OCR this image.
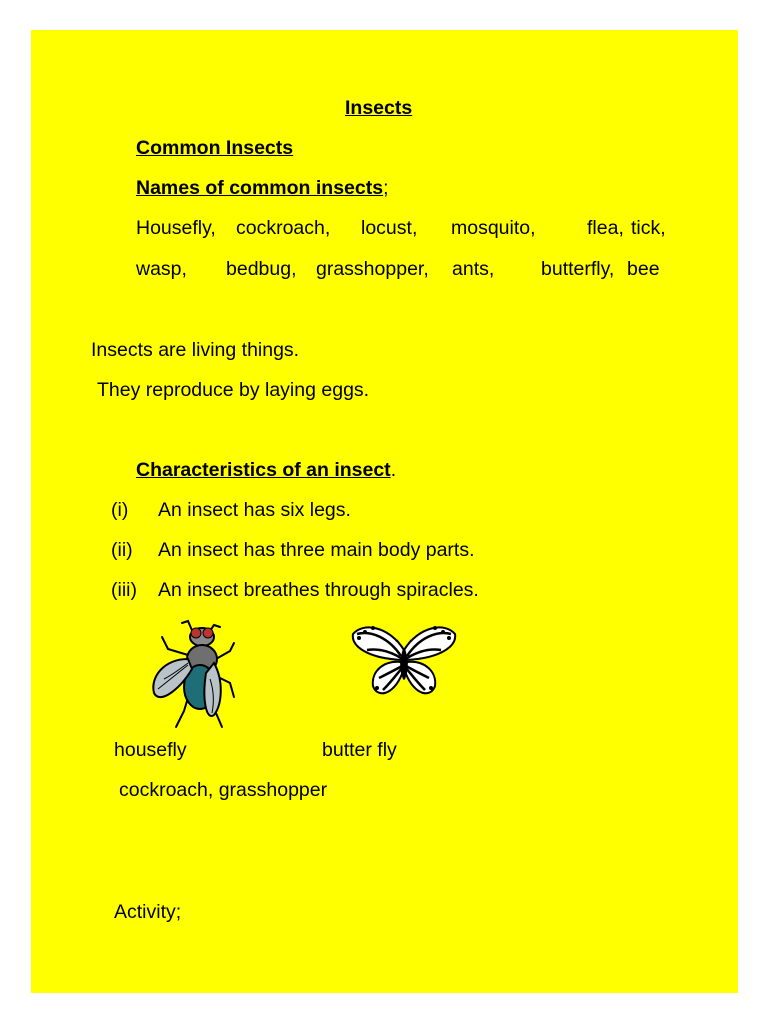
Insects
Common Insects
Names of common insects;
Housefly, cockroach, locust, mosquito,	flea, tick,
wasp, bedbug, grasshopper, ants, butterfly, bee
Insects are living things.
They reproduce by laying eggs.
Characteristics of an insect.
(i) An insect has six legs.
(ii) An insect has three main body parts.
(iii) An insect breathes through spiracles.
housefly	butter fly
cockroach, grasshopper
Activity;
